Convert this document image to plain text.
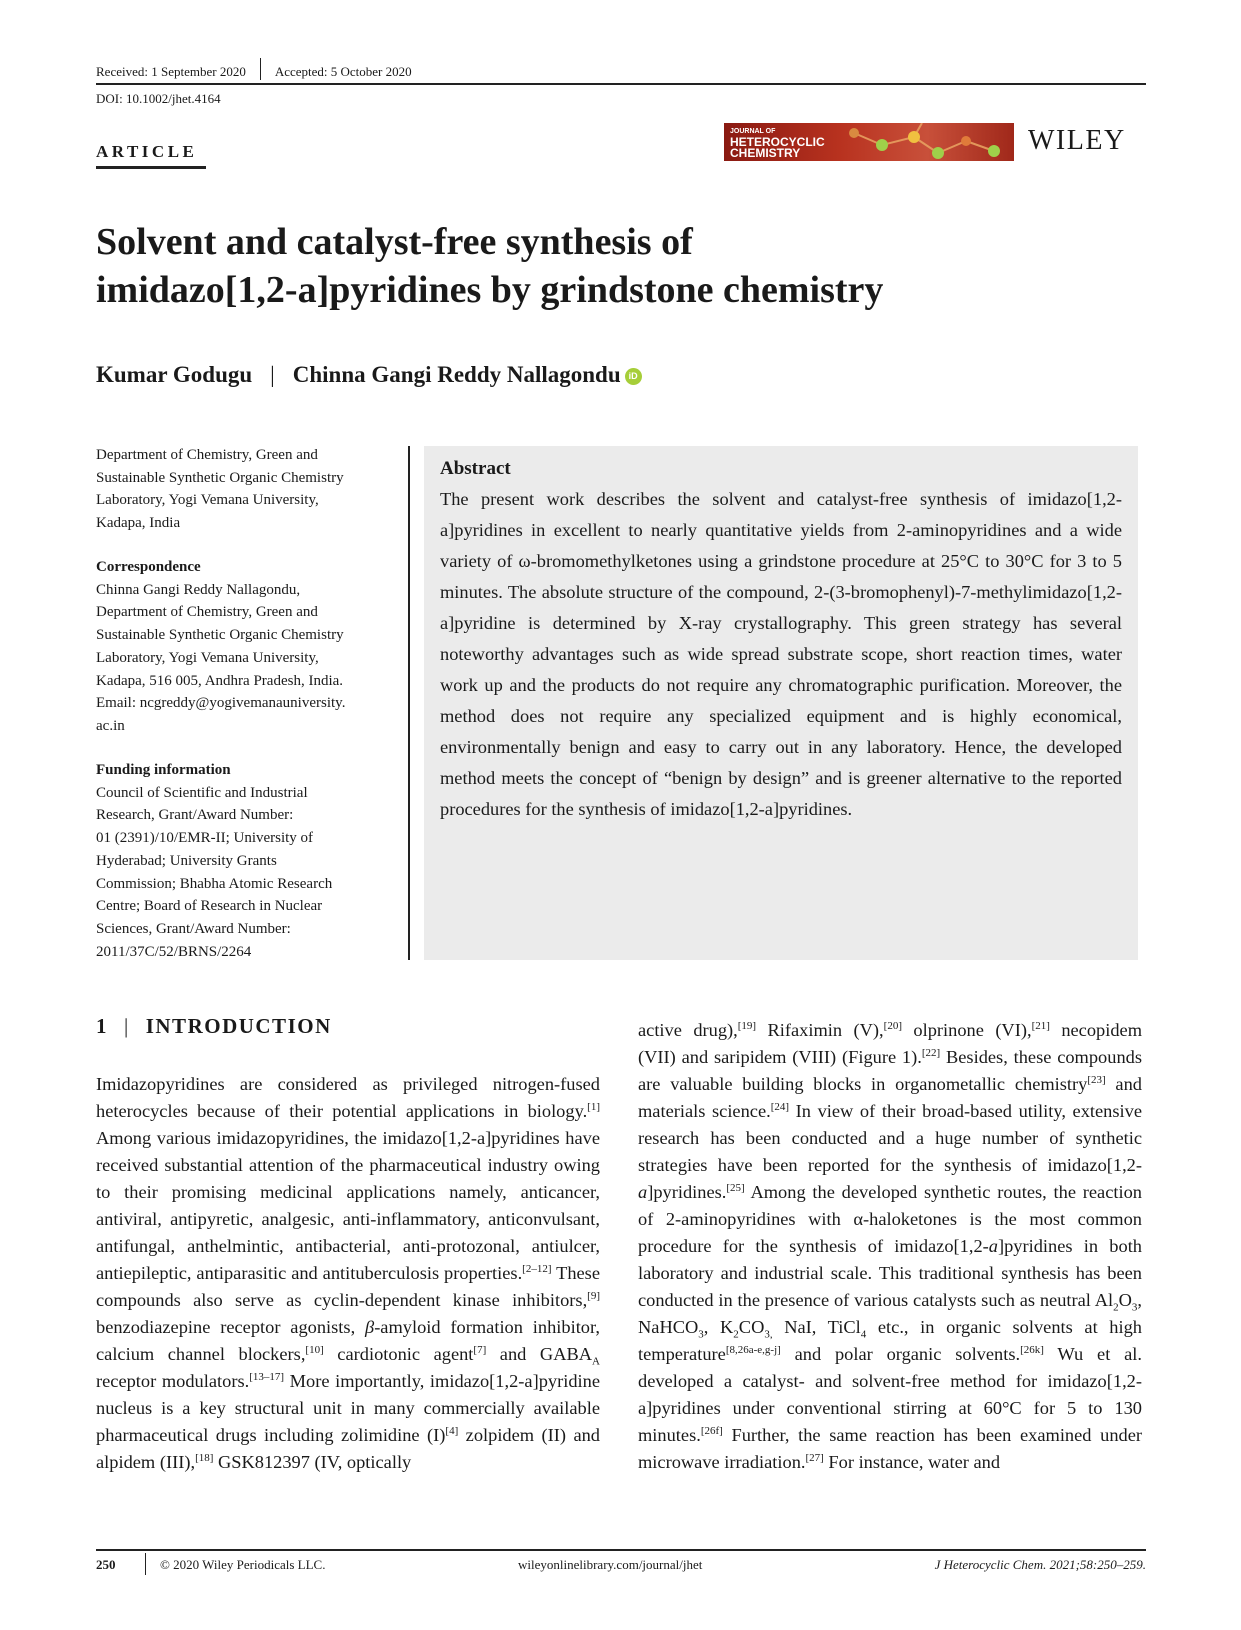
Received: 1 September 2020 Accepted: 5 October 2020
DOI: 10.1002/jhet.4164
ARTICLE
JOURNAL OF
HETEROCYCLIC
CHEMISTRY	WILEY
Solvent and catalyst-free synthesis of
imidazo[1,2-a]pyridines by grindstone chemistry
Kumar Godugu | Chinna Gangi Reddy Nallagondu iD
Department of Chemistry, Green and
Sustainable Synthetic Organic Chemistry
Laboratory, Yogi Vemana University,
Kadapa, India
Correspondence
Chinna Gangi Reddy Nallagondu,
Department of Chemistry, Green and
Sustainable Synthetic Organic Chemistry
Laboratory, Yogi Vemana University,
Kadapa, 516 005, Andhra Pradesh, India.
Email: ncgreddy@yogivemanauniversity.
ac.in
Funding information
Council of Scientific and Industrial
Research, Grant/Award Number:
01 (2391)/10/EMR-II; University of
Hyderabad; University Grants
Commission; Bhabha Atomic Research
Centre; Board of Research in Nuclear
Sciences, Grant/Award Number:
2011/37C/52/BRNS/2264
Abstract
The present work describes the solvent and catalyst-free synthesis of imidazo[1,2-a]pyridines in excellent to nearly quantitative yields from 2-aminopyridines and a wide variety of ω-bromomethylketones using a grindstone procedure at 25°C to 30°C for 3 to 5 minutes. The absolute structure of the compound, 2-(3-bromophenyl)-7-methylimidazo[1,2-a]pyridine is determined by X-ray crystallography. This green strategy has several noteworthy advantages such as wide spread substrate scope, short reaction times, water work up and the products do not require any chromatographic purification. Moreover, the method does not require any specialized equipment and is highly economical, environmentally benign and easy to carry out in any laboratory. Hence, the developed method meets the concept of “benign by design” and is greener alternative to the reported procedures for the synthesis of imidazo[1,2-a]pyridines.
1 | INTRODUCTION
Imidazopyridines are considered as privileged nitrogen-fused heterocycles because of their potential applications in biology.[1] Among various imidazopyridines, the imidazo[1,2-a]pyridines have received substantial attention of the pharmaceutical industry owing to their promising medicinal applications namely, anticancer, antiviral, antipyretic, analgesic, anti-inflammatory, anticonvulsant, antifungal, anthelmintic, antibacterial, anti-protozonal, antiulcer, antiepileptic, antiparasitic and antituberculosis properties.[2–12] These compounds also serve as cyclin-dependent kinase inhibitors,[9] benzodiazepine receptor agonists, β-amyloid formation inhibitor, calcium channel blockers,[10] cardiotonic agent[7] and $GABA_A$ receptor modulators.[13–17] More importantly, imidazo[1,2-a]pyridine nucleus is a key structural unit in many commercially available pharmaceutical drugs including zolimidine (I)[4] zolpidem (II) and alpidem (III),[18] GSK812397 (IV, optically
active drug),[19] Rifaximin (V),[20] olprinone (VI),[21] necopidem (VII) and saripidem (VIII) (Figure 1).[22] Besides, these compounds are valuable building blocks in organometallic chemistry[23] and materials science.[24] In view of their broad-based utility, extensive research has been conducted and a huge number of synthetic strategies have been reported for the synthesis of imidazo[1,2-a]pyridines.[25] Among the developed synthetic routes, the reaction of 2-aminopyridines with α-haloketones is the most common procedure for the synthesis of imidazo[1,2-a]pyridines in both laboratory and industrial scale. This traditional synthesis has been conducted in the presence of various catalysts such as neutral $Al_2O_3$, NaHCO$_3$, $K_2CO_{3,}$ NaI, TiCl$_4$ etc., in organic solvents at high temperature[8,26a-e,g-j] and polar organic solvents.[26k] Wu et al. developed a catalyst- and solvent-free method for imidazo[1,2-a]pyridines under conventional stirring at 60°C for 5 to 130 minutes.[26f] Further, the same reaction has been examined under microwave irradiation.[27] For instance, water and
250	© 2020 Wiley Periodicals LLC.	wileyonlinelibrary.com/journal/jhet	J Heterocyclic Chem. 2021;58:250–259.
